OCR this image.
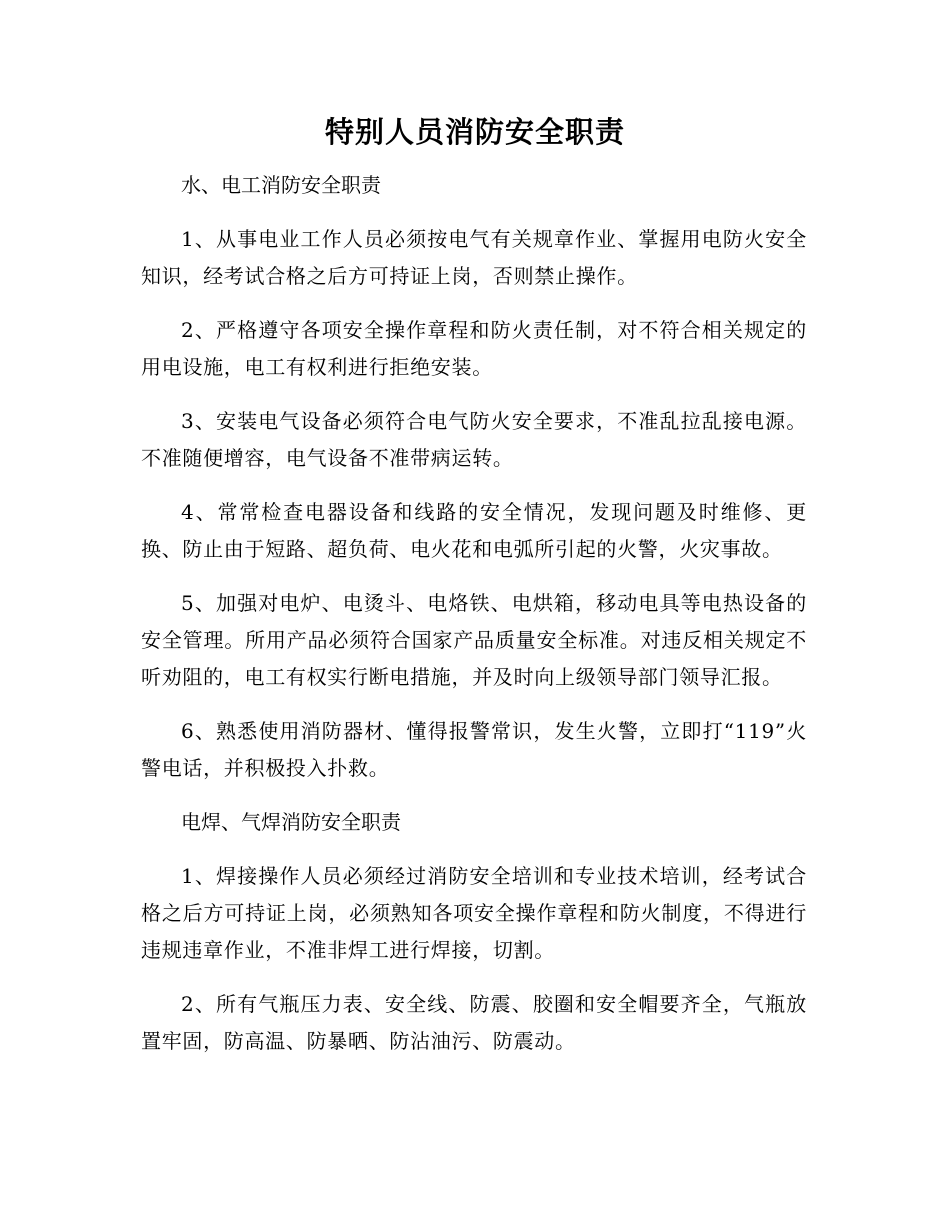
特别人员消防安全职责

水、电工消防安全职责

1、从事电业工作人员必须按电气有关规章作业、掌握用电防火安全知识，经考试合格之后方可持证上岗，否则禁止操作。

2、严格遵守各项安全操作章程和防火责任制，对不符合相关规定的用电设施，电工有权利进行拒绝安装。

3、安装电气设备必须符合电气防火安全要求，不准乱拉乱接电源。不准随便增容，电气设备不准带病运转。

4、常常检查电器设备和线路的安全情况，发现问题及时维修、更换、防止由于短路、超负荷、电火花和电弧所引起的火警，火灾事故。

5、加强对电炉、电烫斗、电烙铁、电烘箱，移动电具等电热设备的安全管理。所用产品必须符合国家产品质量安全标准。对违反相关规定不听劝阻的，电工有权实行断电措施，并及时向上级领导部门领导汇报。

6、熟悉使用消防器材、懂得报警常识，发生火警，立即打“119”火警电话，并积极投入扑救。

电焊、气焊消防安全职责

1、焊接操作人员必须经过消防安全培训和专业技术培训，经考试合格之后方可持证上岗，必须熟知各项安全操作章程和防火制度，不得进行违规违章作业，不准非焊工进行焊接，切割。

2、所有气瓶压力表、安全线、防震、胶圈和安全帽要齐全，气瓶放置牢固，防高温、防暴晒、防沾油污、防震动。
